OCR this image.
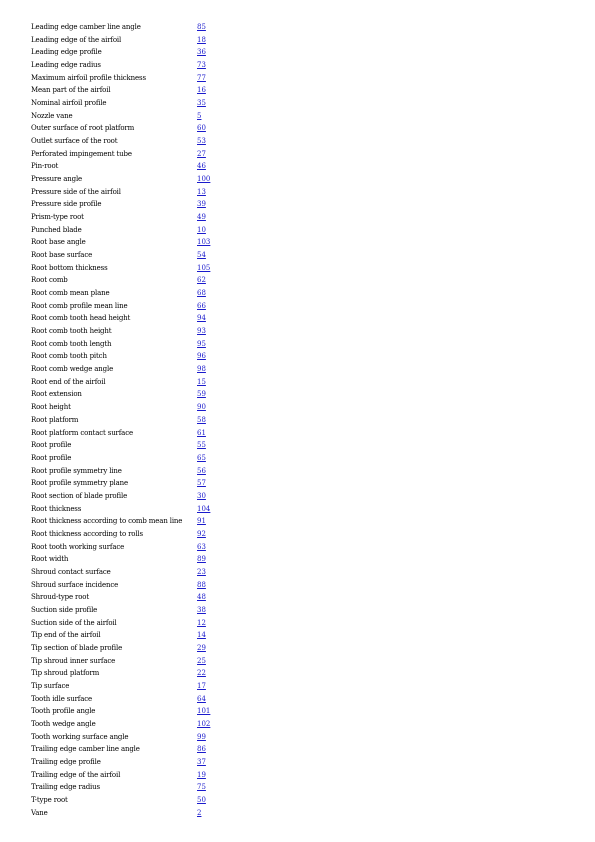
Leading edge camber line angle	85
Leading edge of the airfoil	18
Leading edge profile	36
Leading edge radius	73
Maximum airfoil profile thickness	77
Mean part of the airfoil	16
Nominal airfoil profile	35
Nozzle vane	5
Outer surface of root platform	60
Outlet surface of the root	53
Perforated impingement tube	27
Pin-root	46
Pressure angle	100
Pressure side of the airfoil	13
Pressure side profile	39
Prism-type root	49
Punched blade	10
Root base angle	103
Root base surface	54
Root bottom thickness	105
Root comb	62
Root comb mean plane	68
Root comb profile mean line	66
Root comb tooth head height	94
Root comb tooth height	93
Root comb tooth length	95
Root comb tooth pitch	96
Root comb wedge angle	98
Root end of the airfoil	15
Root extension	59
Root height	90
Root platform	58
Root platform contact surface	61
Root profile	55
Root profile	65
Root profile symmetry line	56
Root profile symmetry plane	57
Root section of blade profile	30
Root thickness	104
Root thickness according to comb mean line 91
Root thickness according to rolls	92
Root tooth working surface	63
Root width	89
Shroud contact surface	23
Shroud surface incidence	88
Shroud-type root	48
Suction side profile	38
Suction side of the airfoil	12
Tip end of the airfoil	14
Tip section of blade profile	29
Tip shroud inner surface	25
Tip shroud platform	22
Tip surface	17
Tooth idle surface	64
Tooth profile angle	101
Tooth wedge angle	102
Tooth working surface angle	99
Trailing edge camber line angle	86
Trailing edge profile	37
Trailing edge of the airfoil	19
Trailing edge radius	75
T-type root	50
Vane	2
